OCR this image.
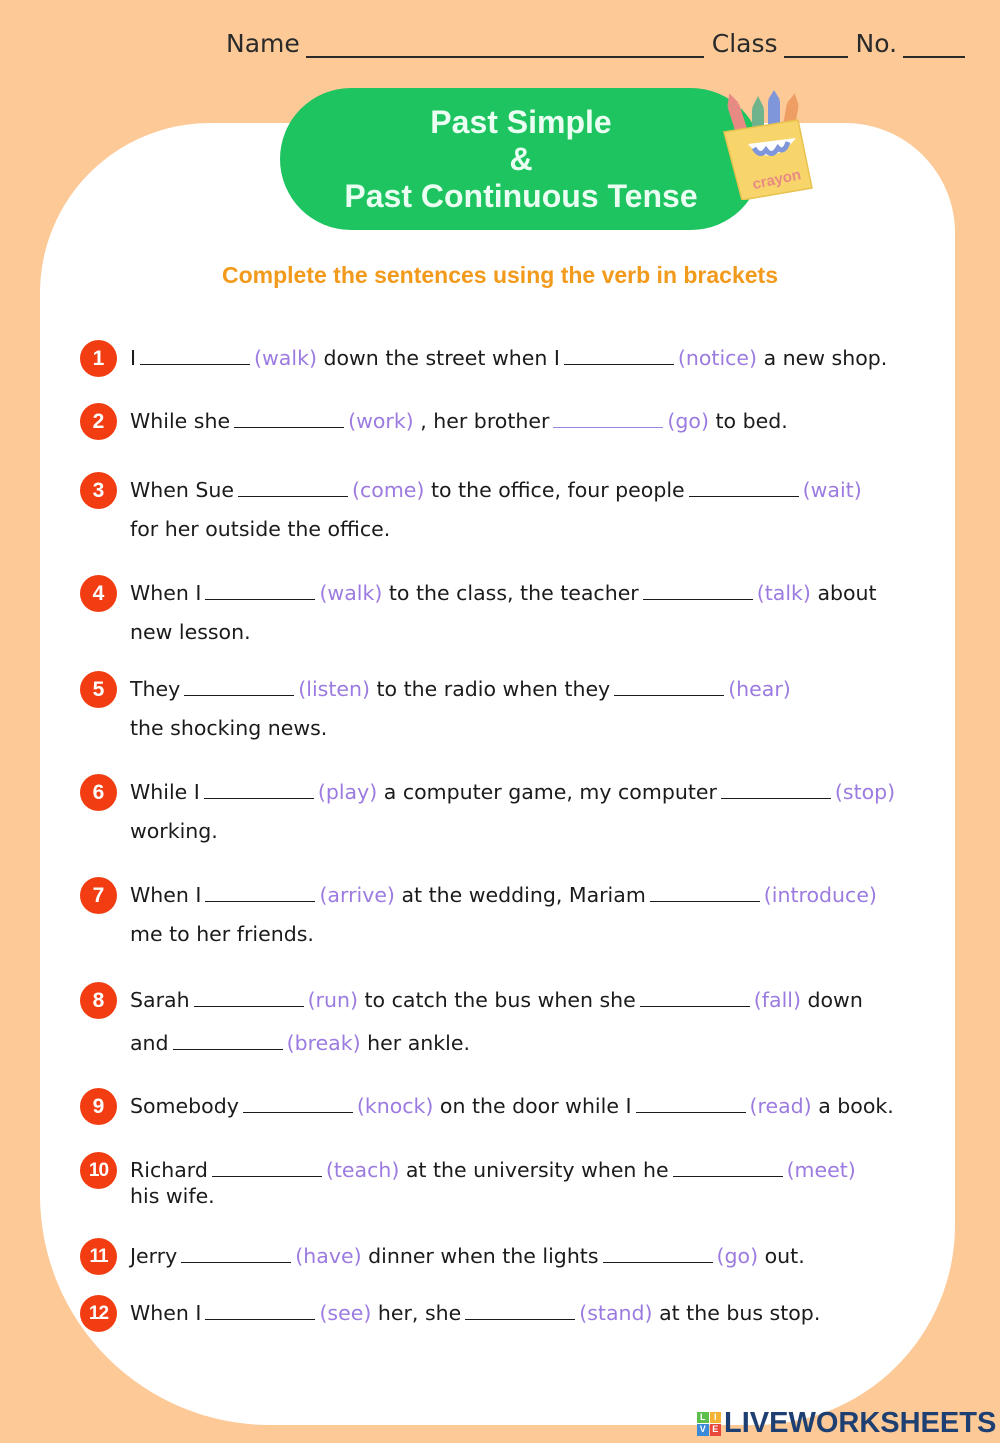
Name	Class	No.
Past Simple
&
Past Continuous Tense	crayon
Complete the sentences using the verb in brackets
1	I	(walk) down the street when I	(notice) a new shop.
2	While she	(work) , her brother	(go) to bed.
3	When Sue	(come) to the office, four people	(wait)
for her outside the office.
4	When I	(walk) to the class, the teacher	(talk) about
new lesson.
5	They	(listen) to the radio when they	(hear)
the shocking news.
6	While I	(play) a computer game, my computer	(stop)
working.
7	When I	(arrive) at the wedding, Mariam	(introduce)
me to her friends.
8	Sarah	(run) to catch the bus when she	(fall) down
and	(break) her ankle.
9	Somebody	(knock) on the door while I	(read) a book.
10	Richard	(teach) at the university when he	(meet)
his wife.
11	Jerry	(have) dinner when the lights	(go) out.
12	When I	(see) her, she	(stand) at the bus stop.
L I
V E LIVEWORKSHEETS
